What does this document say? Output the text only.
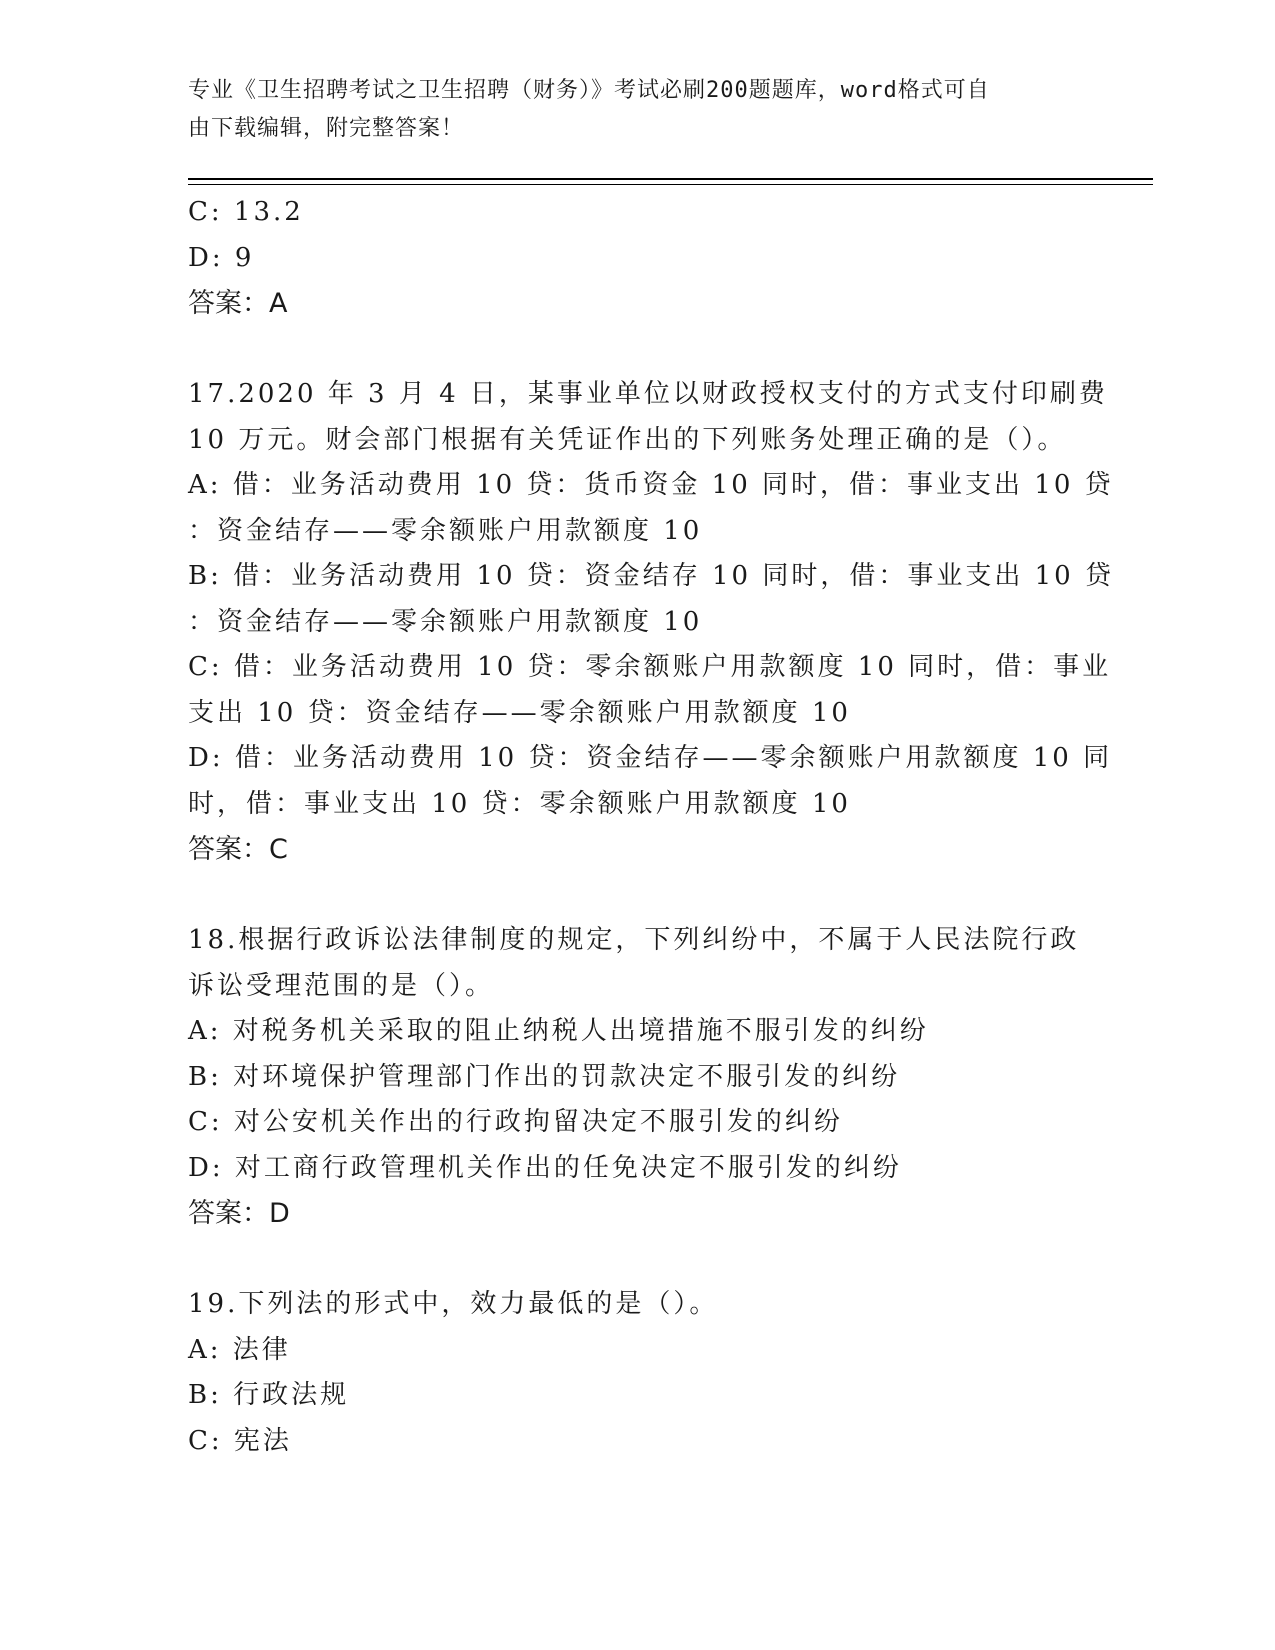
专业《卫生招聘考试之卫生招聘（财务）》考试必刷200题题库，word格式可自
由下载编辑，附完整答案！
C: 13.2
D: 9
答案：A
17.2020 年 3 月 4 日，某事业单位以财政授权支付的方式支付印刷费
10 万元。财会部门根据有关凭证作出的下列账务处理正确的是（）。
A: 借：业务活动费用 10 贷：货币资金 10 同时，借：事业支出 10 贷
：资金结存——零余额账户用款额度 10
B: 借：业务活动费用 10 贷：资金结存 10 同时，借：事业支出 10 贷
：资金结存——零余额账户用款额度 10
C: 借：业务活动费用 10 贷：零余额账户用款额度 10 同时，借：事业
支出 10 贷：资金结存——零余额账户用款额度 10
D: 借：业务活动费用 10 贷：资金结存——零余额账户用款额度 10 同
时，借：事业支出 10 贷：零余额账户用款额度 10
答案：C
18.根据行政诉讼法律制度的规定，下列纠纷中，不属于人民法院行政
诉讼受理范围的是（）。
A: 对税务机关采取的阻止纳税人出境措施不服引发的纠纷
B: 对环境保护管理部门作出的罚款决定不服引发的纠纷
C: 对公安机关作出的行政拘留决定不服引发的纠纷
D: 对工商行政管理机关作出的任免决定不服引发的纠纷
答案：D
19.下列法的形式中，效力最低的是（）。
A: 法律
B: 行政法规
C: 宪法
